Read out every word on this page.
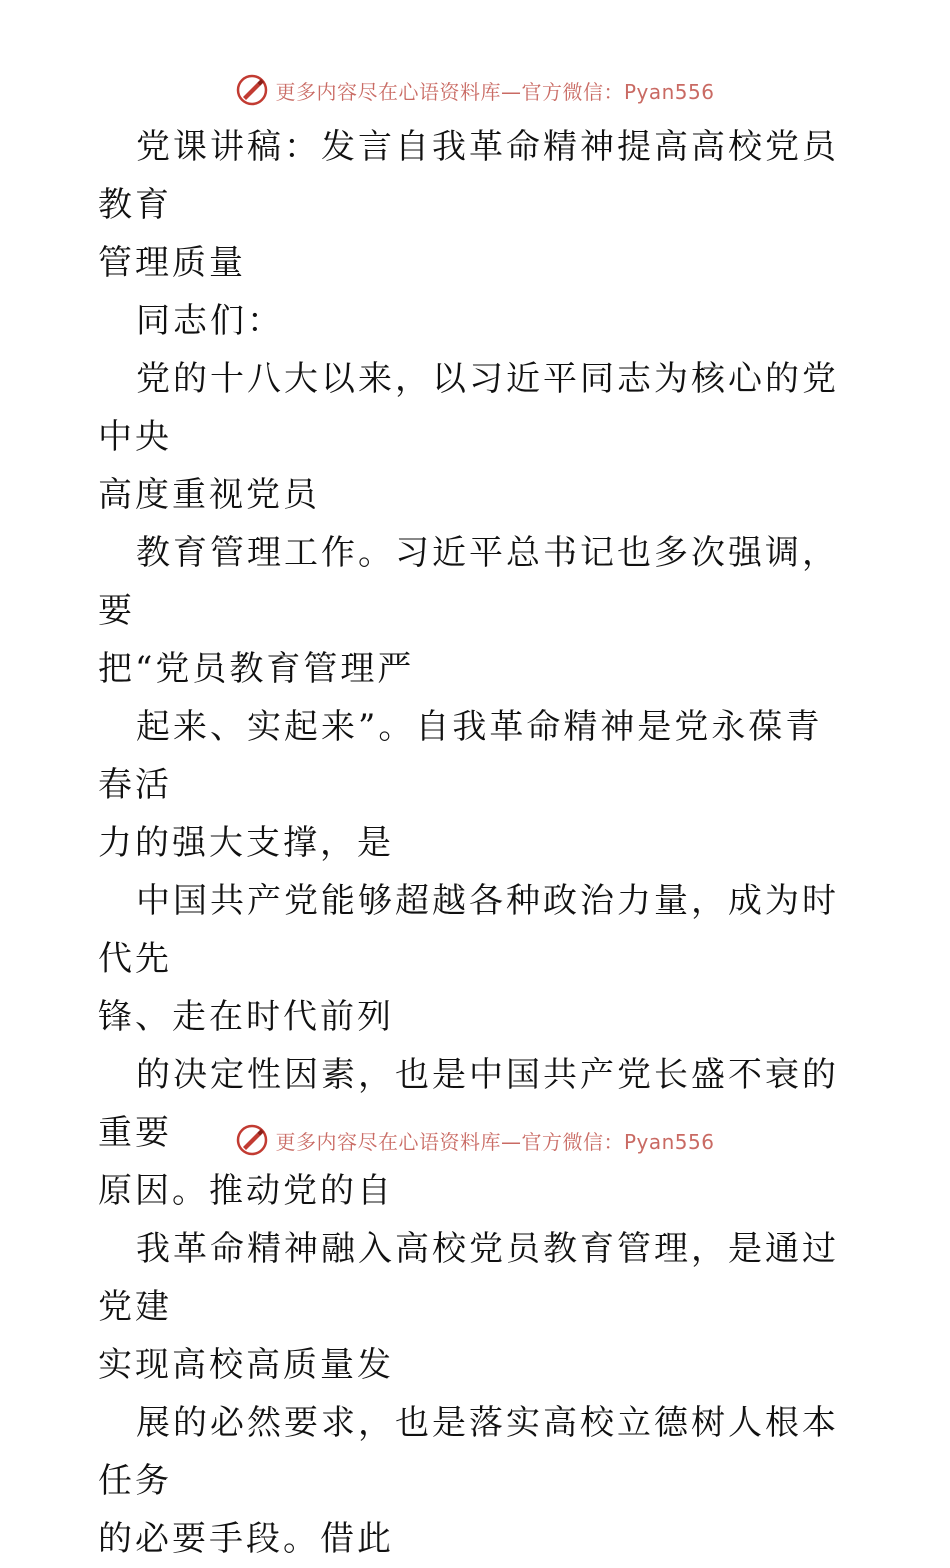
更多内容尽在心语资料库—官方微信：Pyan556

党课讲稿：发言自我革命精神提高高校党员教育
管理质量

同志们：

党的十八大以来，以习近平同志为核心的党中央
高度重视党员

教育管理工作。习近平总书记也多次强调，要
把“党员教育管理严

起来、实起来”。自我革命精神是党永葆青春活
力的强大支撑，是

中国共产党能够超越各种政治力量，成为时代先
锋、走在时代前列

的决定性因素，也是中国共产党长盛不衰的重要
原因。推动党的自

我革命精神融入高校党员教育管理，是通过党建
实现高校高质量发

展的必然要求，也是落实高校立德树人根本任务
的必要手段。借此

更多内容尽在心语资料库—官方微信：Pyan556
